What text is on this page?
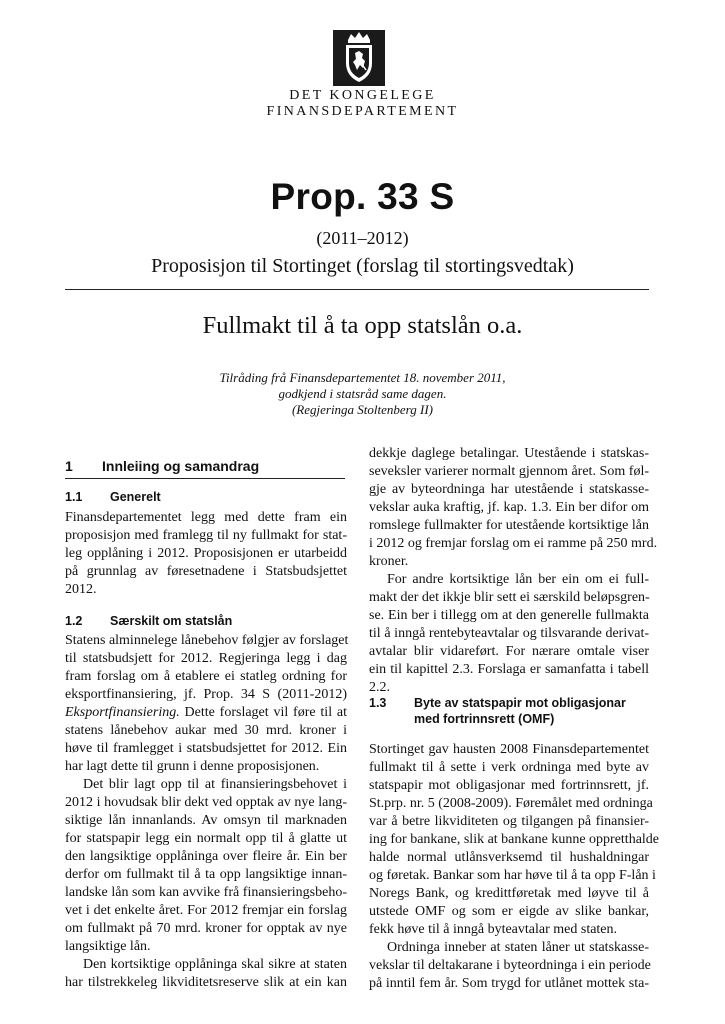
DET KONGELEGE
FINANSDEPARTEMENT
Prop. 33 S
(2011–2012)
Proposisjon til Stortinget (forslag til stortingsvedtak)
Fullmakt til å ta opp statslån o.a.
Tilråding frå Finansdepartementet 18. november 2011,
godkjend i statsråd same dagen.
(Regjeringa Stoltenberg II)
1 Innleiing og samandrag
1.1 Generelt
1.2 Særskilt om statslån
1.3 Byte av statspapir mot obligasjonar
med fortrinnsrett (OMF)
Finansdepartementet legg med dette fram ein
proposisjon med framlegg til ny fullmakt for stat-
leg opplåning i 2012. Proposisjonen er utarbeidd
på grunnlag av føresetnadene i Statsbudsjettet
2012.
Statens alminnelege lånebehov følgjer av forslaget
til statsbudsjett for 2012. Regjeringa legg i dag
fram forslag om å etablere ei statleg ordning for
eksportfinansiering, jf. Prop. 34 S (2011-2012)
Eksportfinansiering. Dette forslaget vil føre til at
statens lånebehov aukar med 30 mrd. kroner i
høve til framlegget i statsbudsjettet for 2012. Ein
har lagt dette til grunn i denne proposisjonen.
Det blir lagt opp til at finansieringsbehovet i
2012 i hovudsak blir dekt ved opptak av nye lang-
siktige lån innanlands. Av omsyn til marknaden
for statspapir legg ein normalt opp til å glatte ut
den langsiktige opplåninga over fleire år. Ein ber
derfor om fullmakt til å ta opp langsiktige innan-
landske lån som kan avvike frå finansieringsbeho-
vet i det enkelte året. For 2012 fremjar ein forslag
om fullmakt på 70 mrd. kroner for opptak av nye
langsiktige lån.
Den kortsiktige opplåninga skal sikre at staten
har tilstrekkeleg likviditetsreserve slik at ein kan
dekkje daglege betalingar. Utestående i statskas-
seveksler varierer normalt gjennom året. Som føl-
gje av byteordninga har utestående i statskasse-
vekslar auka kraftig, jf. kap. 1.3. Ein ber difor om
romslege fullmakter for utestående kortsiktige lån
i 2012 og fremjar forslag om ei ramme på 250 mrd.
kroner.
For andre kortsiktige lån ber ein om ei full-
makt der det ikkje blir sett ei særskild beløpsgren-
se. Ein ber i tillegg om at den generelle fullmakta
til å inngå rentebyteavtalar og tilsvarande derivat-
avtalar blir vidareført. For nærare omtale viser
ein til kapittel 2.3. Forslaga er samanfatta i tabell
2.2.
Stortinget gav hausten 2008 Finansdepartementet
fullmakt til å sette i verk ordninga med byte av
statspapir mot obligasjonar med fortrinnsrett, jf.
St.prp. nr. 5 (2008-2009). Føremålet med ordninga
var å betre likviditeten og tilgangen på finansier-
ing for bankane, slik at bankane kunne oppretthalde
halde normal utlånsverksemd til hushaldningar
og føretak. Bankar som har høve til å ta opp F-lån i
Noregs Bank, og kredittføretak med løyve til å
utstede OMF og som er eigde av slike bankar,
fekk høve til å inngå byteavtalar med staten.
Ordninga inneber at staten låner ut statskasse-
vekslar til deltakarane i byteordninga i ein periode
på inntil fem år. Som trygd for utlånet mottek sta-
